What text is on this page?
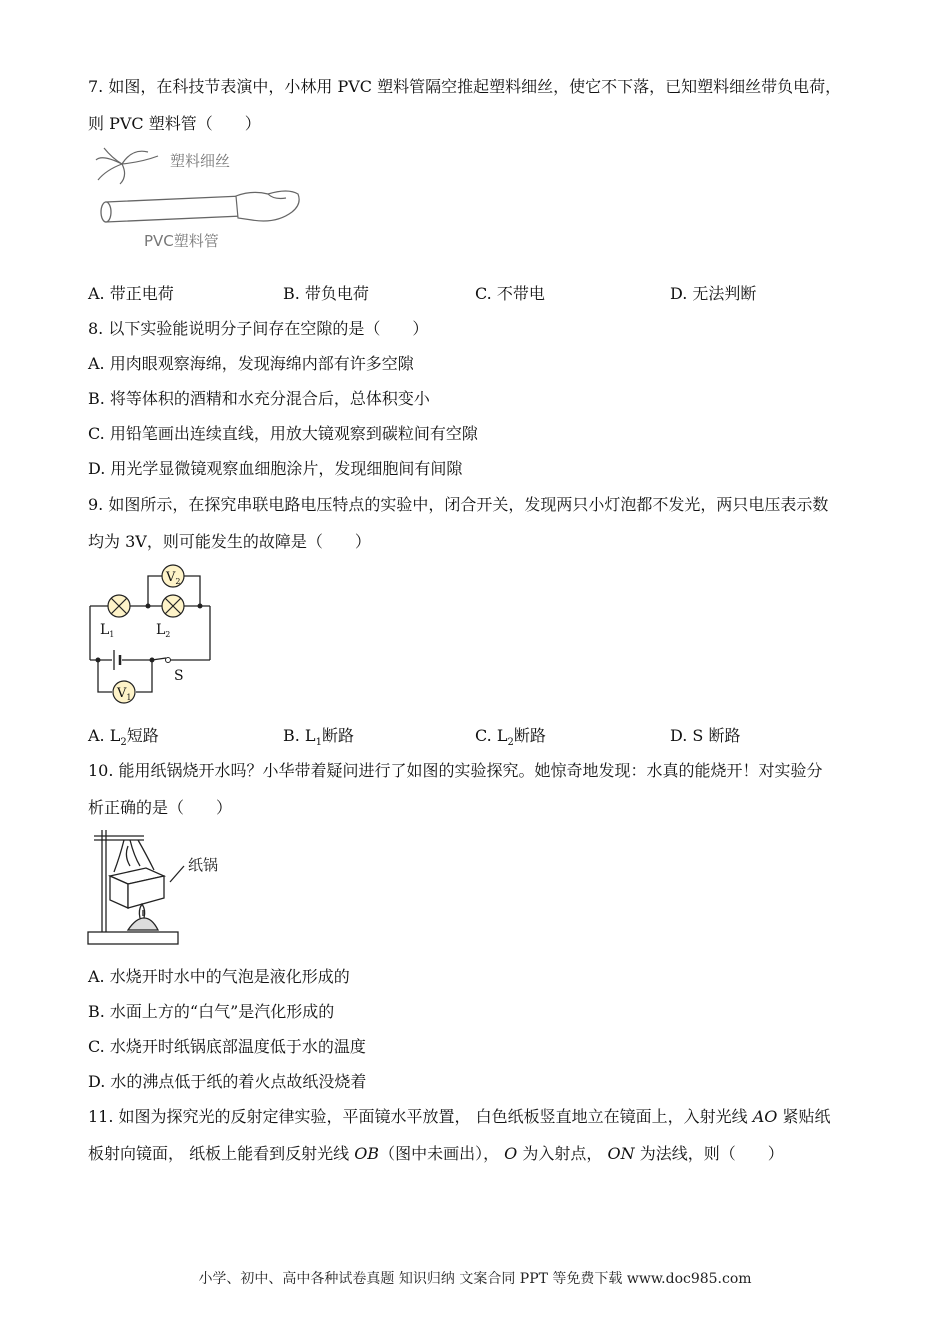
7. 如图，在科技节表演中，小林用 PVC 塑料管隔空推起塑料细丝，使它不下落，已知塑料细丝带负电荷，
则 PVC 塑料管（　　）
塑料细丝
PVC塑料管
A. 带正电荷	B. 带负电荷	C. 不带电	D. 无法判断
8. 以下实验能说明分子间存在空隙的是（　　）
A. 用肉眼观察海绵，发现海绵内部有许多空隙
B. 将等体积的酒精和水充分混合后，总体积变小
C. 用铅笔画出连续直线，用放大镜观察到碳粒间有空隙
D. 用光学显微镜观察血细胞涂片，发现细胞间有间隙
9. 如图所示，在探究串联电路电压特点的实验中，闭合开关，发现两只小灯泡都不发光，两只电压表示数
均为 3V，则可能发生的故障是（　　）
$V_2$
$V_1$
$L_1$	$L_2$
S
A. $L_2$短路	B. $L_1$断路	C. $L_2$断路	D. S 断路
10. 能用纸锅烧开水吗？小华带着疑问进行了如图的实验探究。她惊奇地发现：水真的能烧开！对实验分
析正确的是（　　）
纸锅
A. 水烧开时水中的气泡是液化形成的
B. 水面上方的“白气”是汽化形成的
C. 水烧开时纸锅底部温度低于水的温度
D. 水的沸点低于纸的着火点故纸没烧着
11. 如图为探究光的反射定律实验，平面镜水平放置， 白色纸板竖直地立在镜面上，入射光线 AO 紧贴纸
板射向镜面， 纸板上能看到反射光线 OB（图中未画出）， O 为入射点， ON 为法线，则（　　）
小学、初中、高中各种试卷真题 知识归纳 文案合同 PPT 等免费下载 www.doc985.com
